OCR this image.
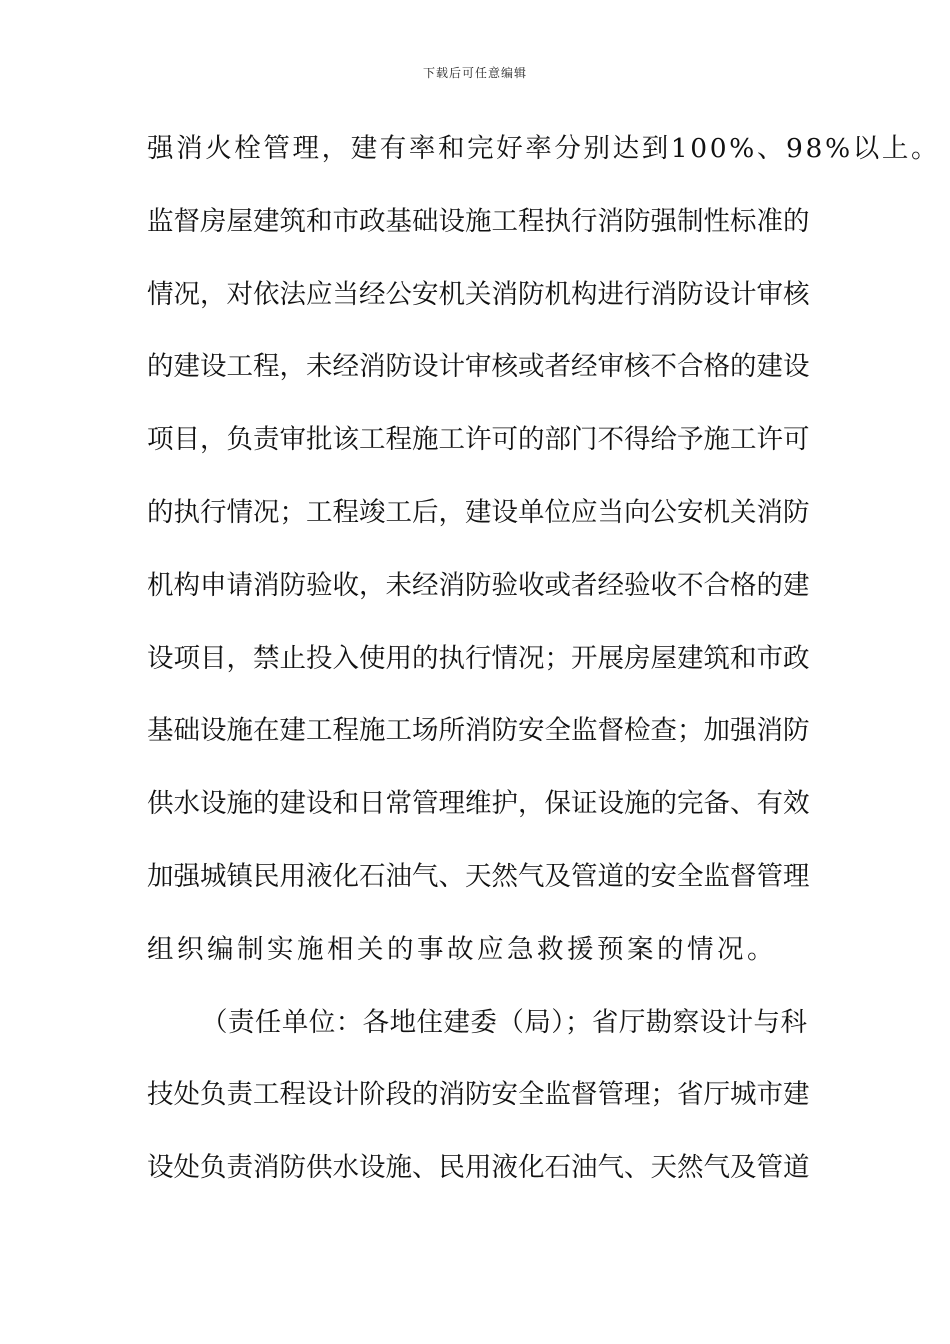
下载后可任意编辑
强消火栓管理，建有率和完好率分别达到100%、98%以上。
监督房屋建筑和市政基础设施工程执行消防强制性标准的
情况，对依法应当经公安机关消防机构进行消防设计审核
的建设工程，未经消防设计审核或者经审核不合格的建设
项目，负责审批该工程施工许可的部门不得给予施工许可
的执行情况；工程竣工后，建设单位应当向公安机关消防
机构申请消防验收，未经消防验收或者经验收不合格的建
设项目，禁止投入使用的执行情况；开展房屋建筑和市政
基础设施在建工程施工场所消防安全监督检查；加强消防
供水设施的建设和日常管理维护，保证设施的完备、有效
加强城镇民用液化石油气、天然气及管道的安全监督管理
组织编制实施相关的事故应急救援预案的情况。
（责任单位：各地住建委（局）；省厅勘察设计与科
技处负责工程设计阶段的消防安全监督管理；省厅城市建
设处负责消防供水设施、民用液化石油气、天然气及管道
